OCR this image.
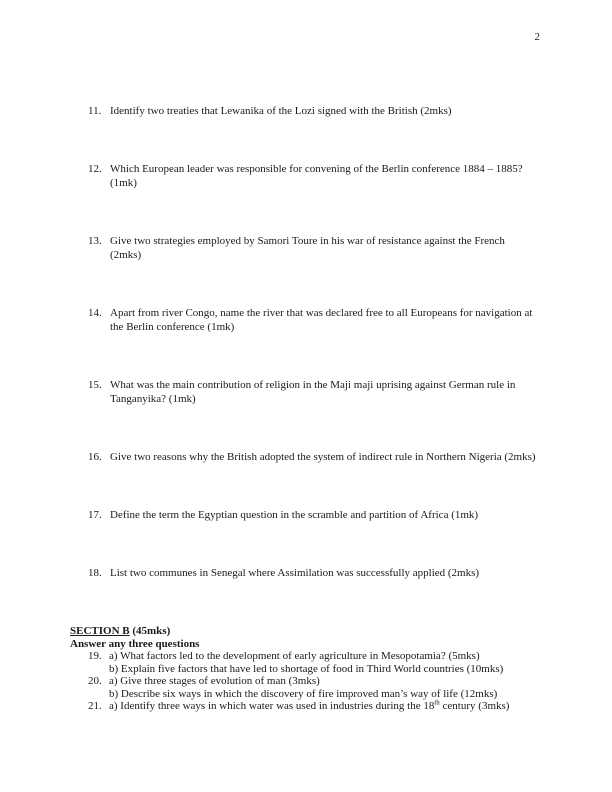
2
11. Identify two treaties that Lewanika of the Lozi signed with the British (2mks)
12. Which European leader was responsible for convening of the Berlin conference 1884 – 1885? (1mk)
13. Give two strategies employed by Samori Toure in his war of resistance against the French (2mks)
14. Apart from river Congo, name the river that was declared free to all Europeans for navigation at the Berlin conference (1mk)
15. What was the main contribution of religion in the Maji maji uprising against German rule in Tanganyika? (1mk)
16. Give two reasons why the British adopted the system of indirect rule in Northern Nigeria (2mks)
17. Define the term the Egyptian question in the scramble and partition of Africa (1mk)
18. List two communes in Senegal where Assimilation was successfully applied (2mks)
SECTION B (45mks)
Answer any three questions
19. a) What factors led to the development of early agriculture in Mesopotamia? (5mks)
b) Explain five factors that have led to shortage of food in Third World countries (10mks)
20. a) Give three stages of evolution of man (3mks)
b) Describe six ways in which the discovery of fire improved man’s way of life (12mks)
21. a) Identify three ways in which water was used in industries during the 18th century (3mks)
